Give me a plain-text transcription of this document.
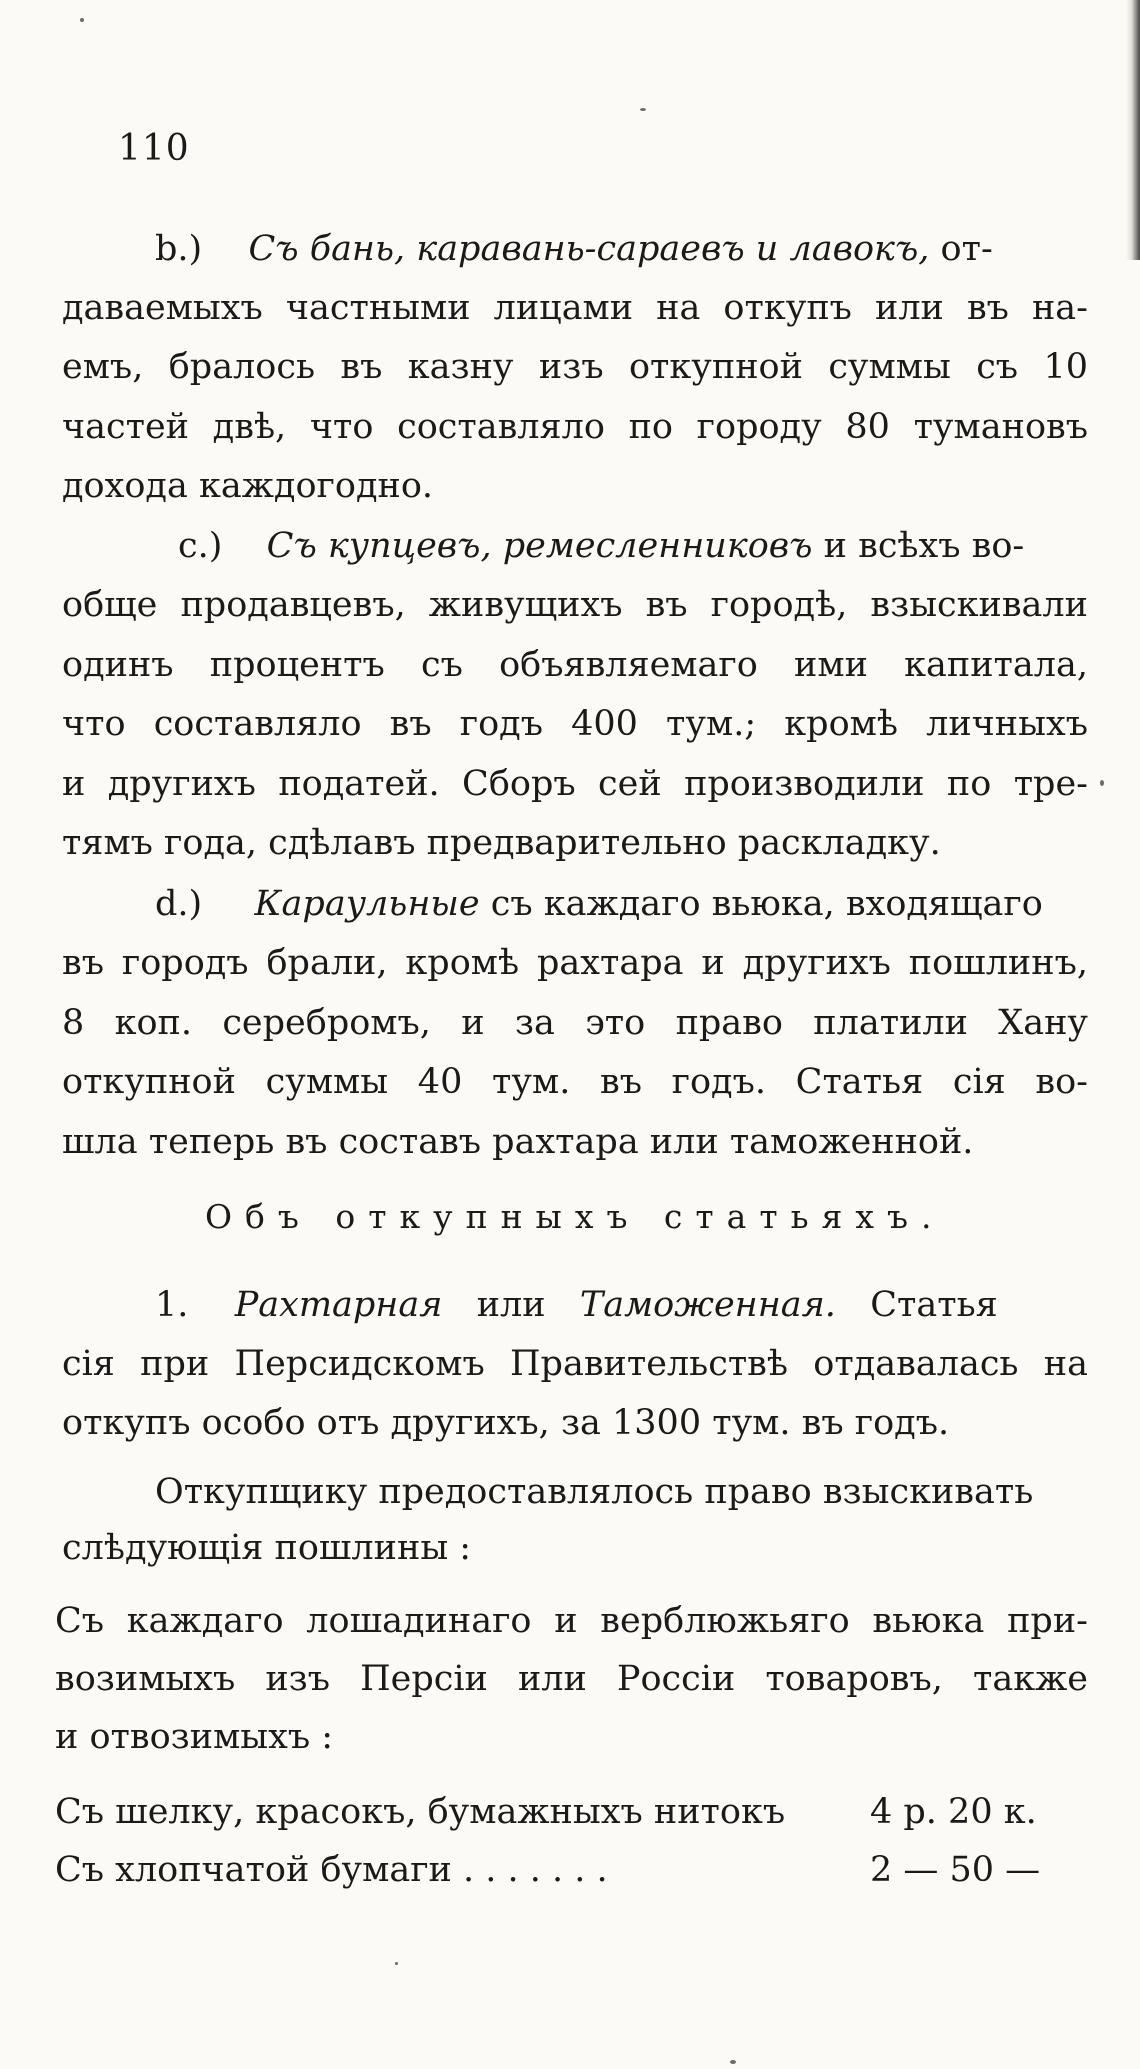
110
b.) Съ бань, каравань-сараевъ и лавокъ, от-
даваемыхъ частными лицами на откупъ или въ на-
емъ, бралось въ казну изъ откупной суммы съ 10
частей двѣ, что составляло по городу 80 тумановъ
дохода каждогодно.
c.) Съ купцевъ, ремесленниковъ и всѣхъ во-
обще продавцевъ, живущихъ въ городѣ, взыскивали
одинъ процентъ съ объявляемаго ими капитала,
что составляло въ годъ 400 тум.; кромѣ личныхъ
и другихъ податей. Сборъ сей производили по тре-
тямъ года, сдѣлавъ предварительно раскладку.
d.) Караульные съ каждаго вьюка, входящаго
въ городъ брали, кромѣ рахтара и другихъ пошлинъ,
8 коп. серебромъ, и за это право платили Хану
откупной суммы 40 тум. въ годъ. Статья сія во-
шла теперь въ составъ рахтара или таможенной.
Объ откупныхъ статьяхъ.
1. Рахтарная или Таможенная. Статья
сія при Персидскомъ Правительствѣ отдавалась на
откупъ особо отъ другихъ, за 1300 тум. въ годъ.
Откупщику предоставлялось право взыскивать
слѣдующія пошлины :
Съ каждаго лошадинаго и верблюжьяго вьюка при-
возимыхъ изъ Персіи или Россіи товаровъ, также
и отвозимыхъ :
Съ шелку, красокъ, бумажныхъ нитокъ 4 р. 20 к.
Съ хлопчатой бумаги . . . . . . .	2 — 50 —
